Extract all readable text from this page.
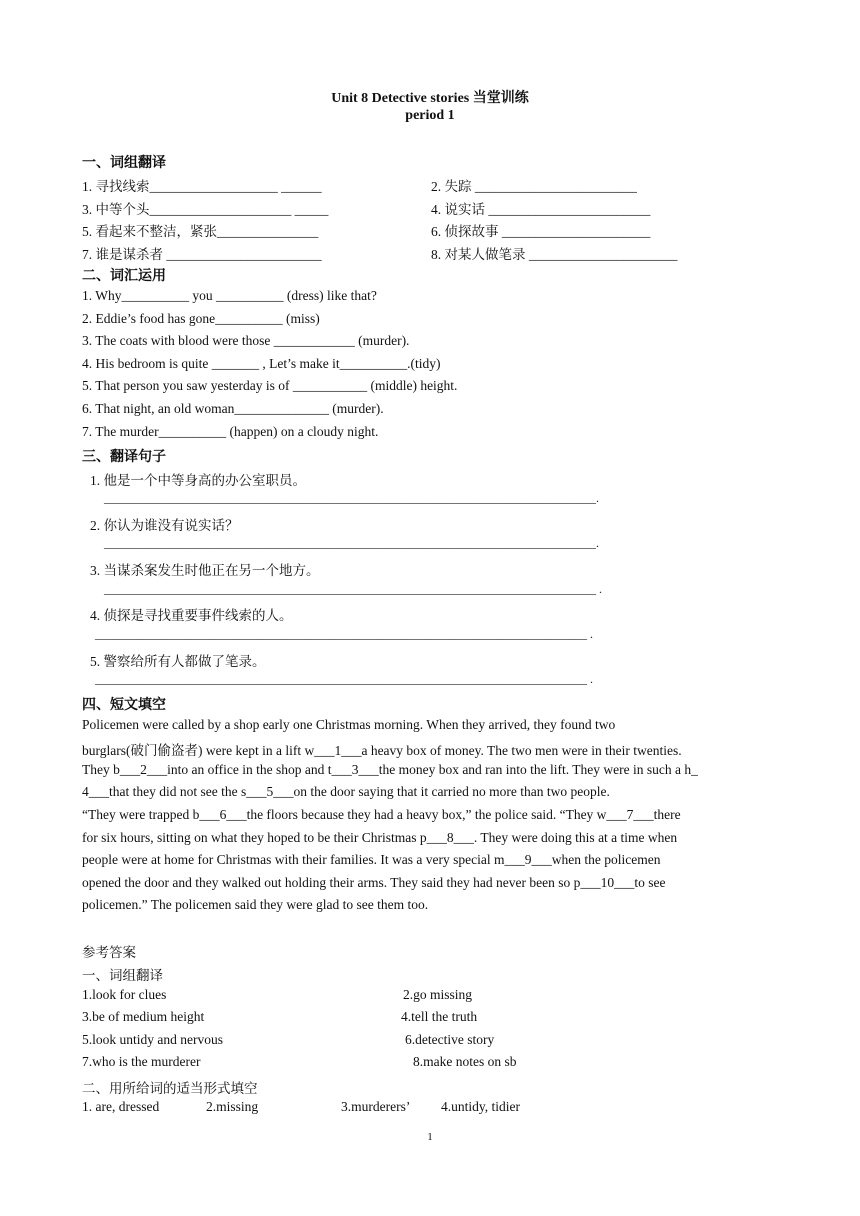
Unit 8 Detective stories 当堂训练
period 1
一、词组翻译
1. 寻找线索___________________ ______	2. 失踪 ________________________
3. 中等个头_____________________ _____	4. 说实话 ________________________
5. 看起来不整洁，紧张_______________	6. 侦探故事 ______________________
7. 谁是谋杀者 _______________________	8. 对某人做笔录 ______________________
二、词汇运用
1. Why__________ you __________ (dress) like that?
2. Eddie’s food has gone__________ (miss)
3. The coats with blood were those ____________ (murder).
4. His bedroom is quite _______ , Let’s make it__________.(tidy)
5. That person you saw yesterday is of ___________ (middle) height.
6. That night, an old woman______________ (murder).
7. The murder__________ (happen) on a cloudy night.
三、翻译句子
1. 他是一个中等身高的办公室职员。
__________________________________________________________________________________.
2. 你认为谁没有说实话？
__________________________________________________________________________________.
3. 当谋杀案发生时他正在另一个地方。
__________________________________________________________________________________ .
4. 侦探是寻找重要事件线索的人。
__________________________________________________________________________________ .
5. 警察给所有人都做了笔录。
__________________________________________________________________________________ .
四、短文填空
Policemen were called by a shop early one Christmas morning. When they arrived, they found two
burglars(破门偷盗者) were kept in a lift w___1___a heavy box of money. The two men were in their twenties.
They b___2___into an office in the shop and t___3___the money box and ran into the lift. They were in such a h_
4___that they did not see the s___5___on the door saying that it carried no more than two people.
“They were trapped b___6___the floors because they had a heavy box,” the police said. “They w___7___there
for six hours, sitting on what they hoped to be their Christmas p___8___. They were doing this at a time when
people were at home for Christmas with their families. It was a very special m___9___when the policemen
opened the door and they walked out holding their arms. They said they had never been so p___10___to see
policemen.” The policemen said they were glad to see them too.
参考答案
一、词组翻译
1.look for clues	2.go missing
3.be of medium height	4.tell the truth
5.look untidy and nervous	6.detective story
7.who is the murderer	8.make notes on sb
二、用所给词的适当形式填空
1. are, dressed	2.missing	3.murderers’ 4.untidy, tidier
1
